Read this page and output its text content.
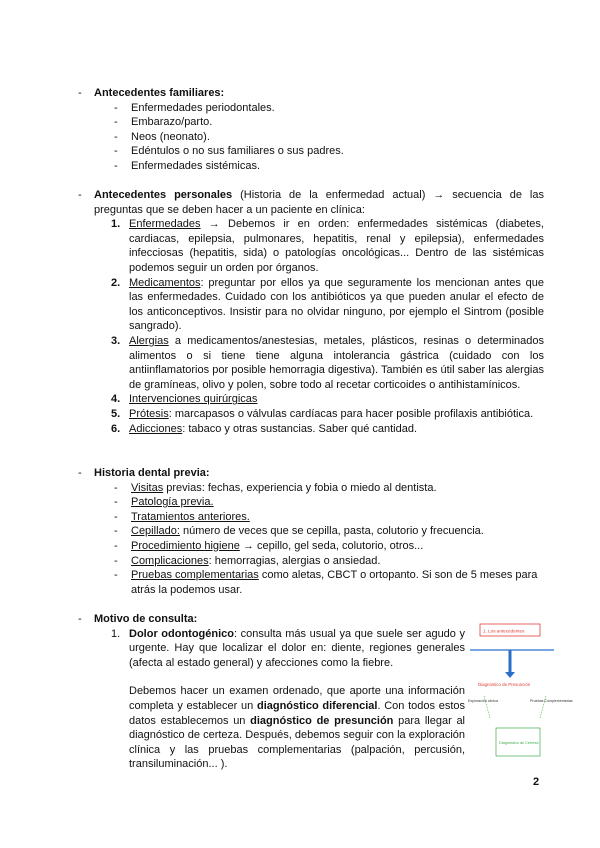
-	Antecedentes familiares:
- Enfermedades periodontales.
- Embarazo/parto.
- Neos (neonato).
- Edéntulos o no sus familiares o sus padres.
- Enfermedades sistémicas.
-	Antecedentes personales (Historia de la enfermedad actual) → secuencia de las preguntas que se deben hacer a un paciente en clínica:
1. Enfermedades → Debemos ir en orden: enfermedades sistémicas (diabetes, cardiacas, epilepsia, pulmonares, hepatitis, renal y epilepsia), enfermedades infecciosas (hepatitis, sida) o patologías oncológicas... Dentro de las sistémicas podemos seguir un orden por órganos.
2. Medicamentos: preguntar por ellos ya que seguramente los mencionan antes que las enfermedades. Cuidado con los antibióticos ya que pueden anular el efecto de los anticonceptivos. Insistir para no olvidar ninguno, por ejemplo el Sintrom (posible sangrado).
3. Alergias a medicamentos/anestesias, metales, plásticos, resinas o determinados alimentos o si tiene tiene alguna intolerancia gástrica (cuidado con los antiinflamatorios por posible hemorragia digestiva). También es útil saber las alergias de gramíneas, olivo y polen, sobre todo al recetar corticoides o antihistamínicos.
4. Intervenciones quirúrgicas
5. Prótesis: marcapasos o válvulas cardíacas para hacer posible profilaxis antibiótica.
6. Adicciones: tabaco y otras sustancias. Saber qué cantidad.
-	Historia dental previa:
- Visitas previas: fechas, experiencia y fobia o miedo al dentista.
- Patología previa.
- Tratamientos anteriores.
- Cepillado: número de veces que se cepilla, pasta, colutorio y frecuencia.
- Procedimiento higiene → cepillo, gel seda, colutorio, otros...
- Complicaciones: hemorragias, alergias o ansiedad.
- Pruebas complementarias como aletas, CBCT o ortopanto. Si son de 5 meses para atrás la podemos usar.
-	Motivo de consulta:
1. Dolor odontogénico: consulta más usual ya que suele ser agudo y urgente. Hay que localizar el dolor en: diente, regiones generales (afecta al estado general) y afecciones como la fiebre.
Debemos hacer un examen ordenado, que aporte una información completa y establecer un diagnóstico diferencial. Con todos estos datos establecemos un diagnóstico de presunción para llegar al diagnóstico de certeza. Después, debemos seguir con la exploración clínica y las pruebas complementarias (palpación, percusión, transiluminación... ).
1. Los antecedentes
Diagnóstico de Presunción
Exploración clínica	Pruebas Complementarias
Diagnóstico de Certeza
2
